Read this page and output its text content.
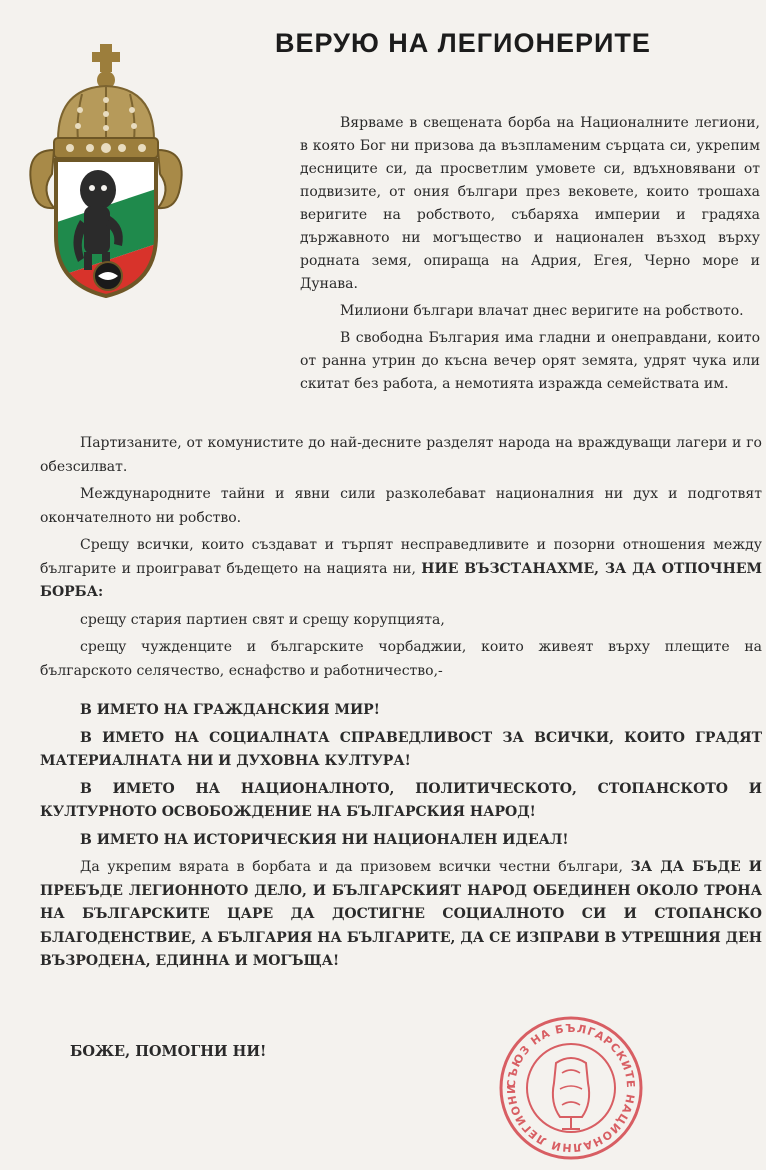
ВЕРУЮ НА ЛЕГИОНЕРИТЕ

Вярваме в свещената борба на Националните легиони, в която Бог ни призова да възпламеним сърцата си, укрепим десниците си, да просветлим умовете си, вдъхновявани от подвизите, от ония българи през вековете, които трошаха веригите на робството, събаряха империи и градяха държавното ни могъщество и национален възход върху родната земя, опираща на Адрия, Егея, Черно море и Дунава.

Милиони българи влачат днес веригите на робството.

В свободна България има гладни и онеправдани, които от ранна утрин до късна вечер орят земята, удрят чука или скитат без работа, а немотията изражда семействата им.

Партизаните, от комунистите до най-десните разделят народа на враждуващи лагери и го обезсилват.

Международните тайни и явни сили разколебават националния ни дух и подготвят окончателното ни робство.

Срещу всички, които създават и търпят несправедливите и позорни отношения между българите и проиграват бъдещето на нацията ни, НИЕ ВЪЗСТАНАХМЕ, ЗА ДА ОТПОЧНЕМ БОРБА:

срещу стария партиен свят и срещу корупцията,

срещу чужденците и българските чорбаджии, които живеят върху плещите на българското селячество, еснафство и работничество,-

В ИМЕТО НА ГРАЖДАНСКИЯ МИР!

В ИМЕТО НА СОЦИАЛНАТА СПРАВЕДЛИВОСТ ЗА ВСИЧКИ, КОИТО ГРАДЯТ МАТЕРИАЛНАТА НИ И ДУХОВНА КУЛТУРА!

В ИМЕТО НА НАЦИОНАЛНОТО, ПОЛИТИЧЕСКОТО, СТОПАНСКОТО И КУЛТУРНОТО ОСВОБОЖДЕНИЕ НА БЪЛГАРСКИЯ НАРОД!

В ИМЕТО НА ИСТОРИЧЕСКИЯ НИ НАЦИОНАЛЕН ИДЕАЛ!

Да укрепим вярата в борбата и да призовем всички честни българи, ЗА ДА БЪДЕ И ПРЕБЪДЕ ЛЕГИОННОТО ДЕЛО, И БЪЛГАРСКИЯТ НАРОД ОБЕДИНЕН ОКОЛО ТРОНА НА БЪЛГАРСКИТЕ ЦАРЕ ДА ДОСТИГНЕ СОЦИАЛНОТО СИ И СТОПАНСКО БЛАГОДЕНСТВИЕ, А БЪЛГАРИЯ НА БЪЛГАРИТЕ, ДА СЕ ИЗПРАВИ В УТРЕШНИЯ ДЕН ВЪЗРОДЕНА, ЕДИННА И МОГЪЩА!

БОЖЕ, ПОМОГНИ НИ!
СЪЮЗ НА БЪЛГАРСКИТЕ НАЦИОНАЛНИ ЛЕГИОНИ
